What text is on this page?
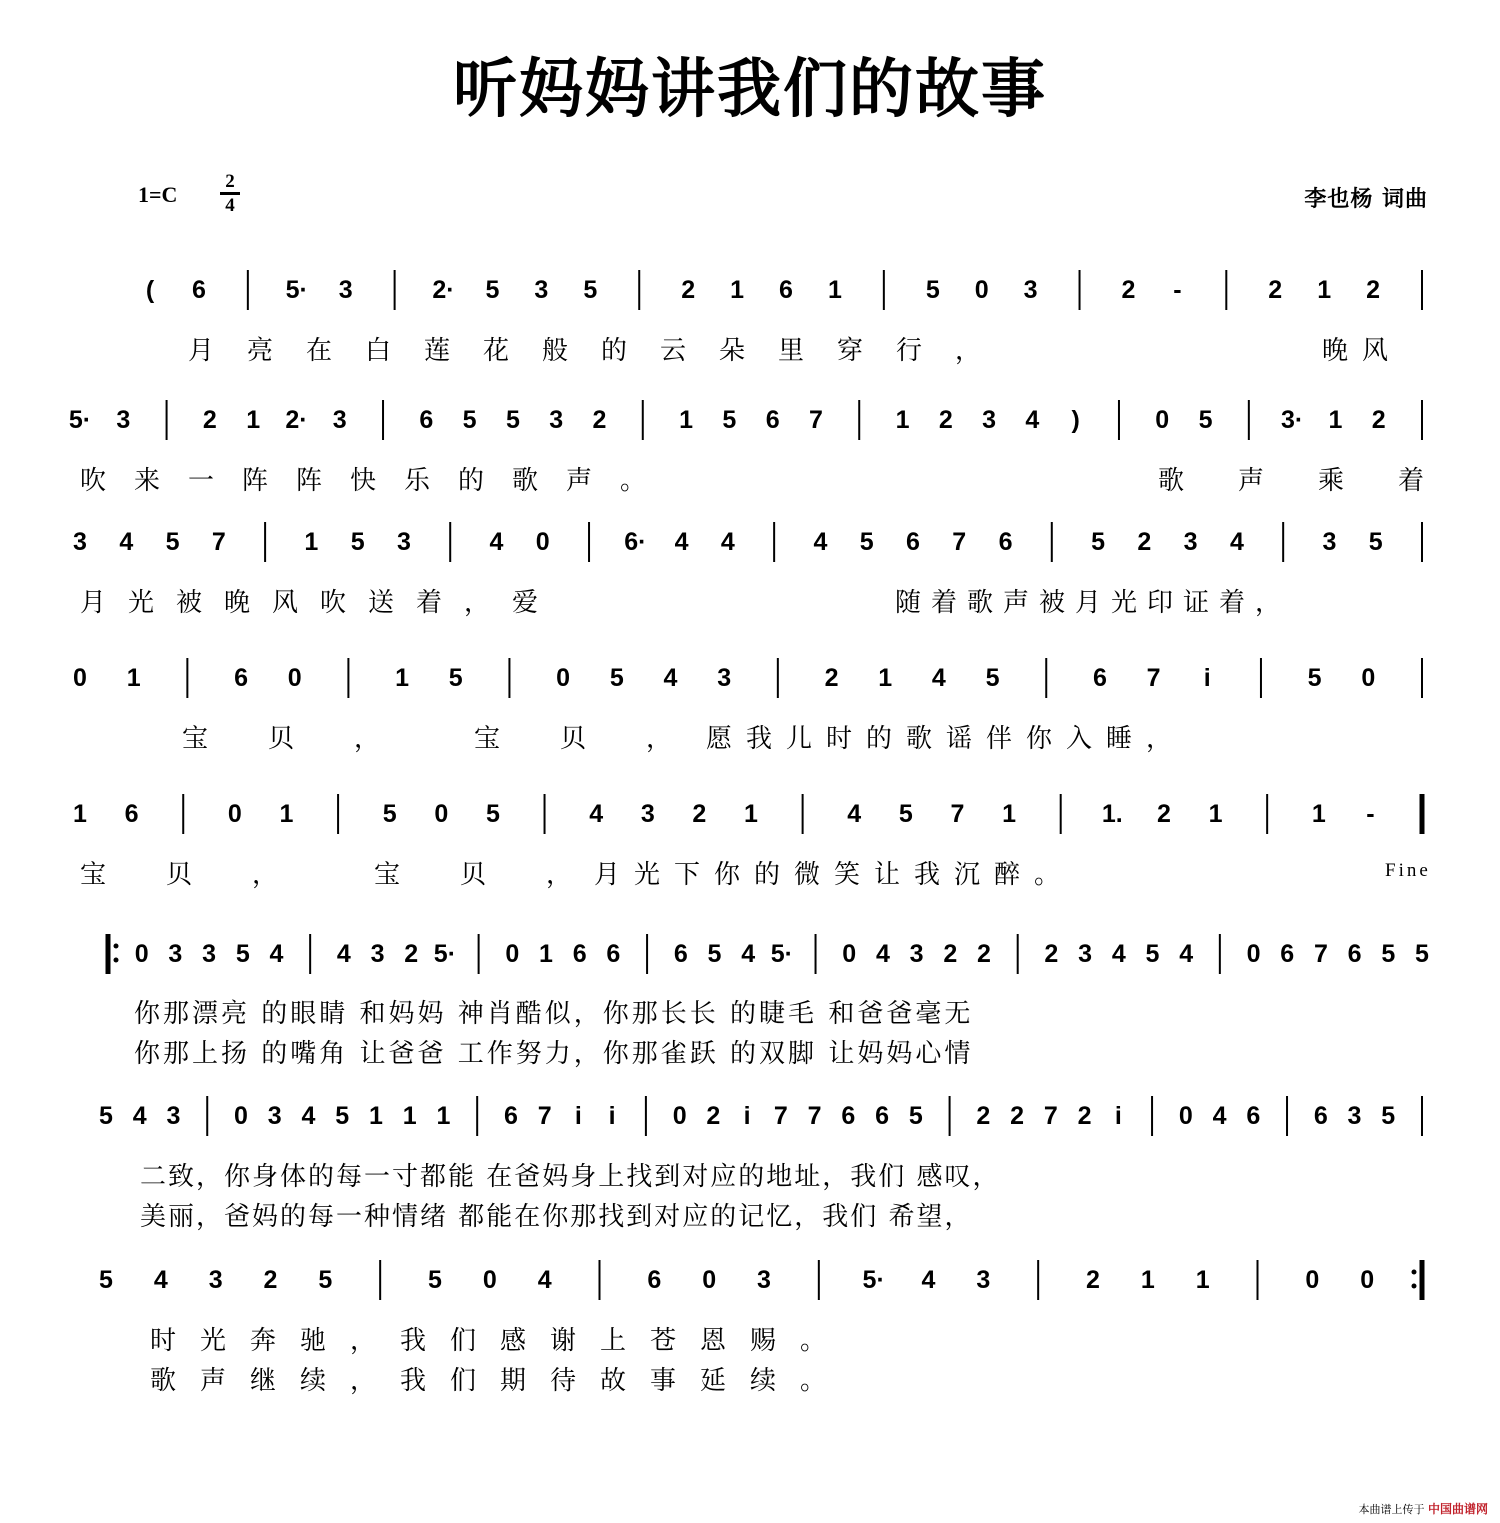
听妈妈讲我们的故事
1=C
2
4	李也杨 词曲
( 6	5· 3	2· 5 3 5	2 1 6 1	5 0 3	2 -	2 1 2
5· 3	2 1 2· 3	6 5 5 3 2	1 5 6 7	1 2 3 4 )	0 5	3· 1 2
3 4 5 7	1 5 3	4 0	6· 4 4	4 5 6 7 6	5 2 3 4	3 5
0 1	6 0	1 5	0 5 4 3	2 1 4 5	6 7 i	5 0
1 6	0 1	5 0 5	4 3 2 1	4 5 7 1	1. 2 1	1 -
0 3 3 5 4 4 3 2 5· 0 1 6 6 6 5 4 5· 0 4 3 2 2 2 3 4 5 4 0 6 7 6 5 5
5 4 3 0 3 4 5 1 1 1 6 7 i i 0 2 i 7 7 6 6 5 2 2 7 2 i 0 4 6 6 3 5
5 4 3 2 5	5 0 4	6 0 3	5· 4 3	2 1 1	0 0
月亮在白莲花般的云朵里穿行，	晚风
吹来一阵阵快乐的歌声。	歌声乘着
月光被晚风吹送着，爱	随着歌声被月光印证着，
宝贝， 宝贝，
愿我儿时的歌谣伴你入睡，
宝贝， 宝贝，
月光下你的微笑让我沉醉。	Fine
你那漂亮 的眼睛 和妈妈 神肖酷似，你那长长 的睫毛 和爸爸毫无
你那上扬 的嘴角 让爸爸 工作努力，你那雀跃 的双脚 让妈妈心情
二致，你身体的每一寸都能 在爸妈身上找到对应的地址，我们 感叹，
美丽，爸妈的每一种情绪 都能在你那找到对应的记忆，我们 希望，
时光奔驰，我们感谢上苍恩赐。
歌声继续，我们期待故事延续。
本曲谱上传于 中国曲谱网
